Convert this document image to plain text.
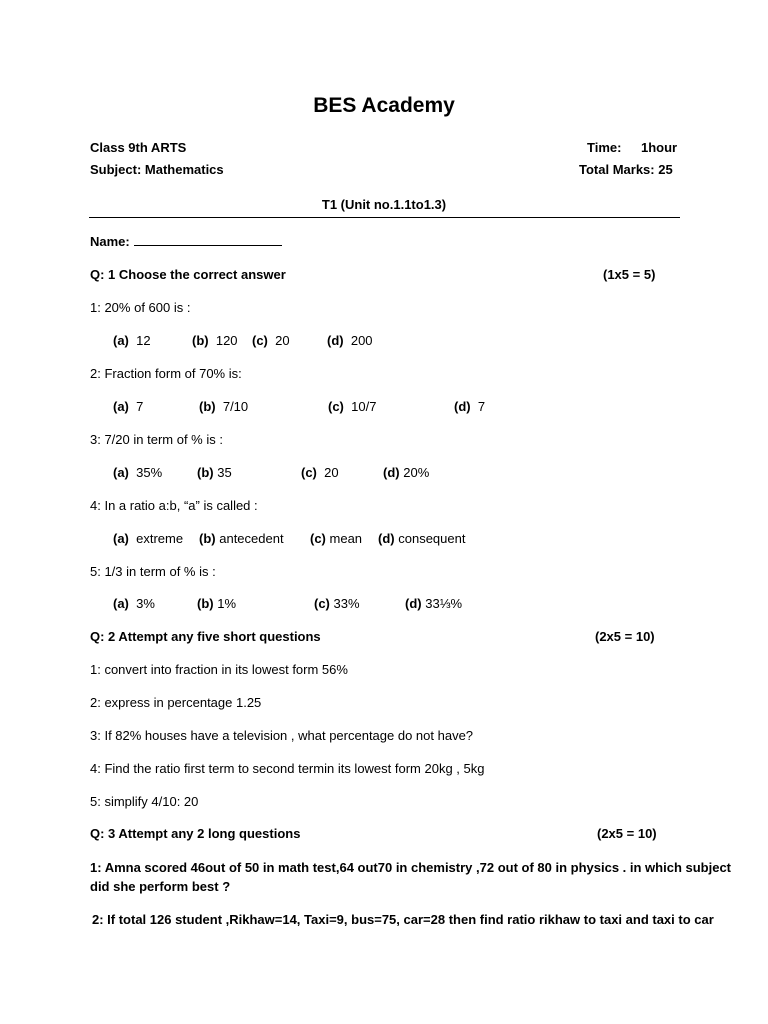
BES Academy
Class 9th ARTS
Subject: Mathematics
Time: 1hour
Total Marks: 25
T1 (Unit no.1.1to1.3)
Name:
Q: 1 Choose the correct answer	(1x5 = 5)
1: 20% of 600 is :
(a) 12	(b) 120 (c) 20	(d) 200
2: Fraction form of 70% is:
(a) 7	(b) 7/10	(c) 10/7	(d) 7
3: 7/20 in term of % is :
(a) 35%	(b) 35	(c) 20	(d) 20%
4: In a ratio a:b, “a” is called :
(a) extreme (b) antecedent (c) mean (d) consequent
5: 1/3 in term of % is :
(a) 3%	(b) 1%	(c) 33%	(d) 33⅓%
Q: 2 Attempt any five short questions	(2x5 = 10)
1: convert into fraction in its lowest form 56%
2: express in percentage 1.25
3: If 82% houses have a television , what percentage do not have?
4: Find the ratio first term to second termin its lowest form 20kg , 5kg
5: simplify 4/10: 20
Q: 3 Attempt any 2 long questions	(2x5 = 10)
1: Amna scored 46out of 50 in math test,64 out70 in chemistry ,72 out of 80 in physics . in which subject
did she perform best ?
2: If total 126 student ,Rikhaw=14, Taxi=9, bus=75, car=28 then find ratio rikhaw to taxi and taxi to car
